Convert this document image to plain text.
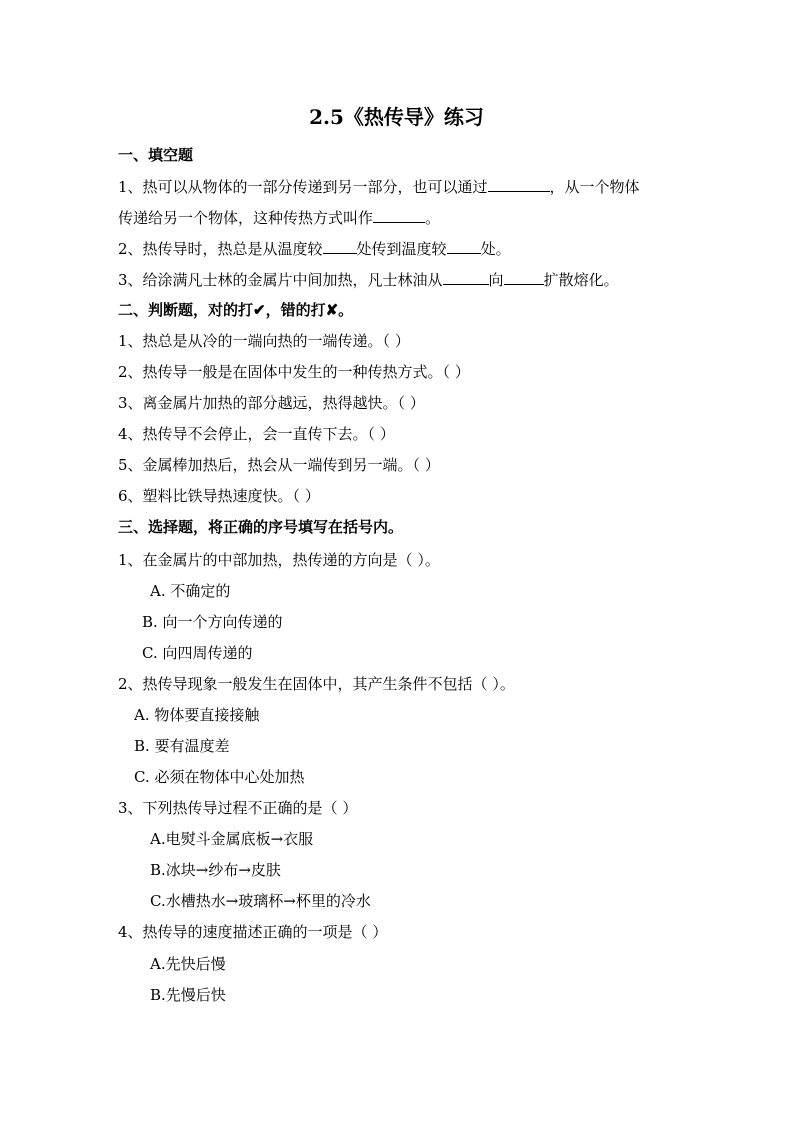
2.5《热传导》练习
一、填空题
1、热可以从物体的一部分传递到另一部分，也可以通过	，从一个物体
传递给另一个物体，这种传热方式叫作	。
2、热传导时，热总是从温度较 处传到温度较 处。
3、给涂满凡士林的金属片中间加热，凡士林油从	向	扩散熔化。
二、判断题，对的打✔，错的打✘。
1、热总是从冷的一端向热的一端传递。（ ）
2、热传导一般是在固体中发生的一种传热方式。（ ）
3、离金属片加热的部分越远，热得越快。（ ）
4、热传导不会停止，会一直传下去。（ ）
5、金属棒加热后，热会从一端传到另一端。（ ）
6、塑料比铁导热速度快。（ ）
三、选择题，将正确的序号填写在括号内。
1、在金属片的中部加热，热传递的方向是（ ）。
A. 不确定的
B. 向一个方向传递的
C. 向四周传递的
2、热传导现象一般发生在固体中，其产生条件不包括（ ）。
A. 物体要直接接触
B. 要有温度差
C. 必须在物体中心处加热
3、下列热传导过程不正确的是（ ）
A.电熨斗金属底板→衣服
B.冰块→纱布→皮肤
C.水槽热水→玻璃杯→杯里的冷水
4、热传导的速度描述正确的一项是（ ）
A.先快后慢
B.先慢后快
